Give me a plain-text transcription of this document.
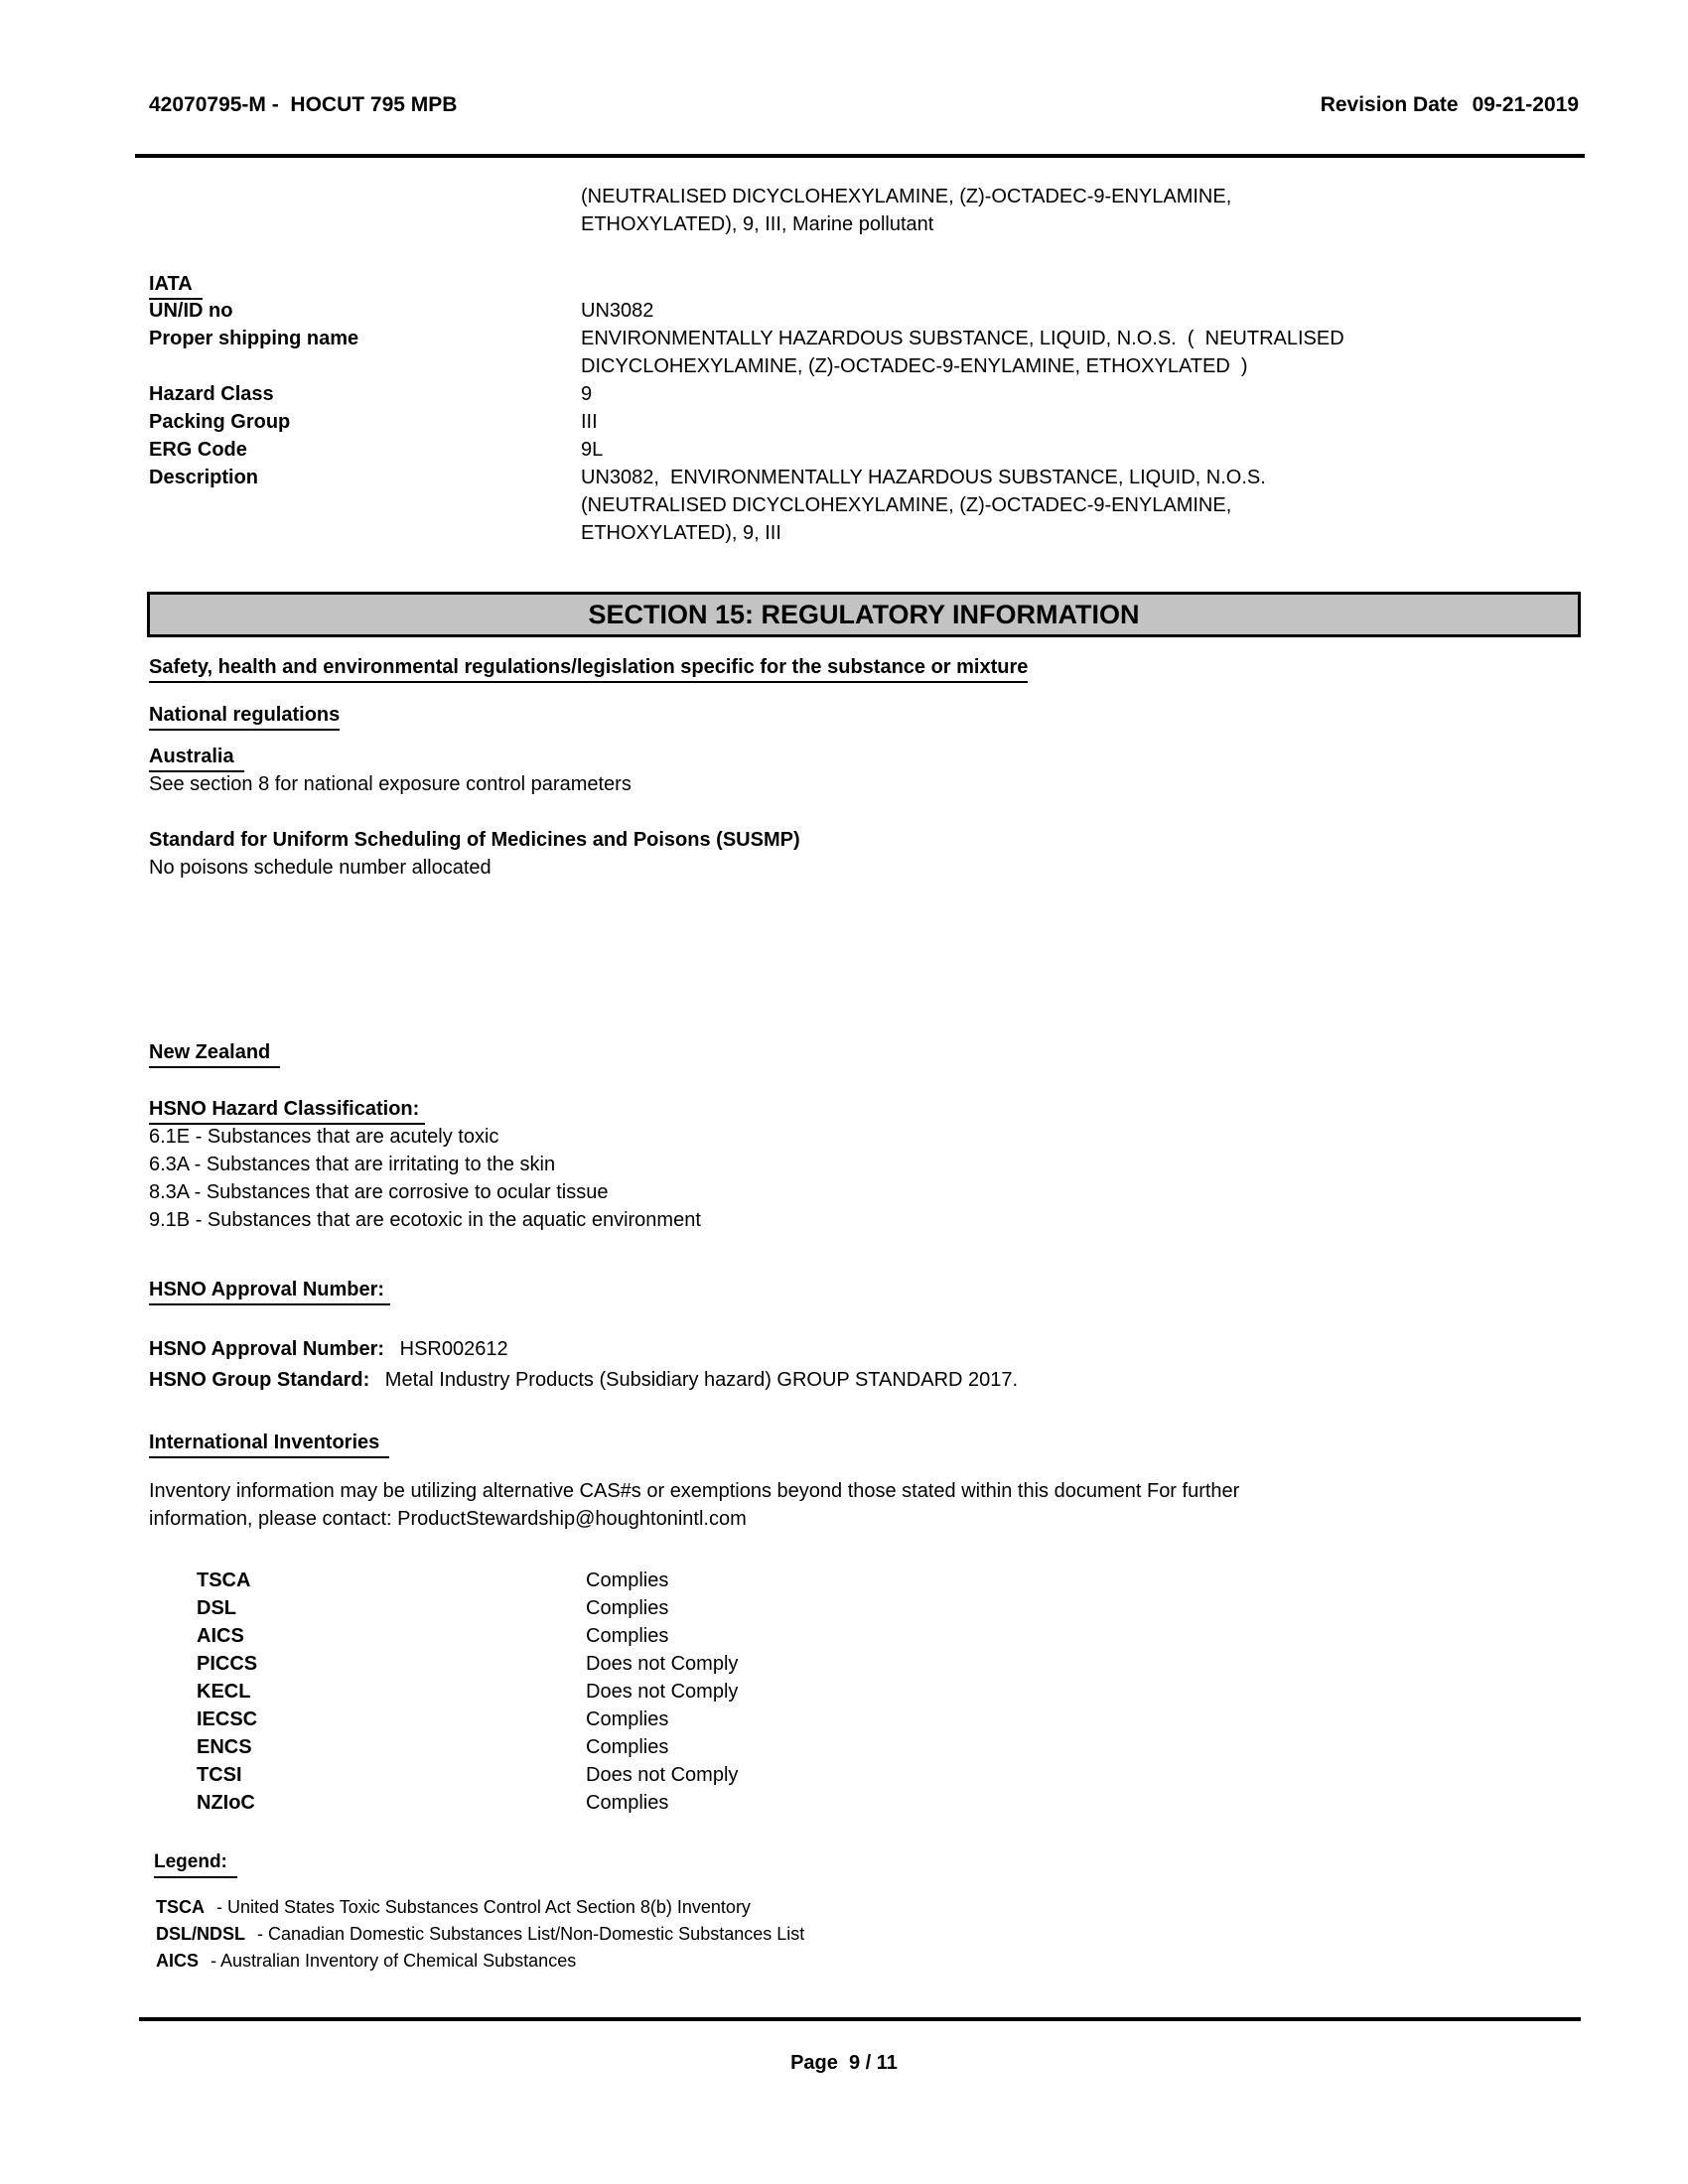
42070795-M -  HOCUT 795 MPB	Revision Date 09-21-2019
(NEUTRALISED DICYCLOHEXYLAMINE, (Z)-OCTADEC-9-ENYLAMINE,
ETHOXYLATED), 9, III, Marine pollutant
IATA
UN/ID no	UN3082
Proper shipping name	ENVIRONMENTALLY HAZARDOUS SUBSTANCE, LIQUID, N.O.S.  (  NEUTRALISED
DICYCLOHEXYLAMINE, (Z)-OCTADEC-9-ENYLAMINE, ETHOXYLATED  )
Hazard Class	9
Packing Group	III
ERG Code	9L
Description	UN3082,  ENVIRONMENTALLY HAZARDOUS SUBSTANCE, LIQUID, N.O.S.
(NEUTRALISED DICYCLOHEXYLAMINE, (Z)-OCTADEC-9-ENYLAMINE,
ETHOXYLATED), 9, III
SECTION 15: REGULATORY INFORMATION
Safety, health and environmental regulations/legislation specific for the substance or mixture
National regulations
Australia
See section 8 for national exposure control parameters
Standard for Uniform Scheduling of Medicines and Poisons (SUSMP)
No poisons schedule number allocated
New Zealand
HSNO Hazard Classification:
6.1E - Substances that are acutely toxic
6.3A - Substances that are irritating to the skin
8.3A - Substances that are corrosive to ocular tissue
9.1B - Substances that are ecotoxic in the aquatic environment
HSNO Approval Number:
HSNO Approval Number: HSR002612
HSNO Group Standard: Metal Industry Products (Subsidiary hazard) GROUP STANDARD 2017.
International Inventories
Inventory information may be utilizing alternative CAS#s or exemptions beyond those stated within this document For further
information, please contact: ProductStewardship@houghtonintl.com
TSCA	Complies
DSL	Complies
AICS	Complies
PICCS	Does not Comply
KECL	Does not Comply
IECSC	Complies
ENCS	Complies
TCSI	Does not Comply
NZIoC	Complies
Legend:
TSCA - United States Toxic Substances Control Act Section 8(b) Inventory
DSL/NDSL - Canadian Domestic Substances List/Non-Domestic Substances List
AICS - Australian Inventory of Chemical Substances
Page  9 / 11
